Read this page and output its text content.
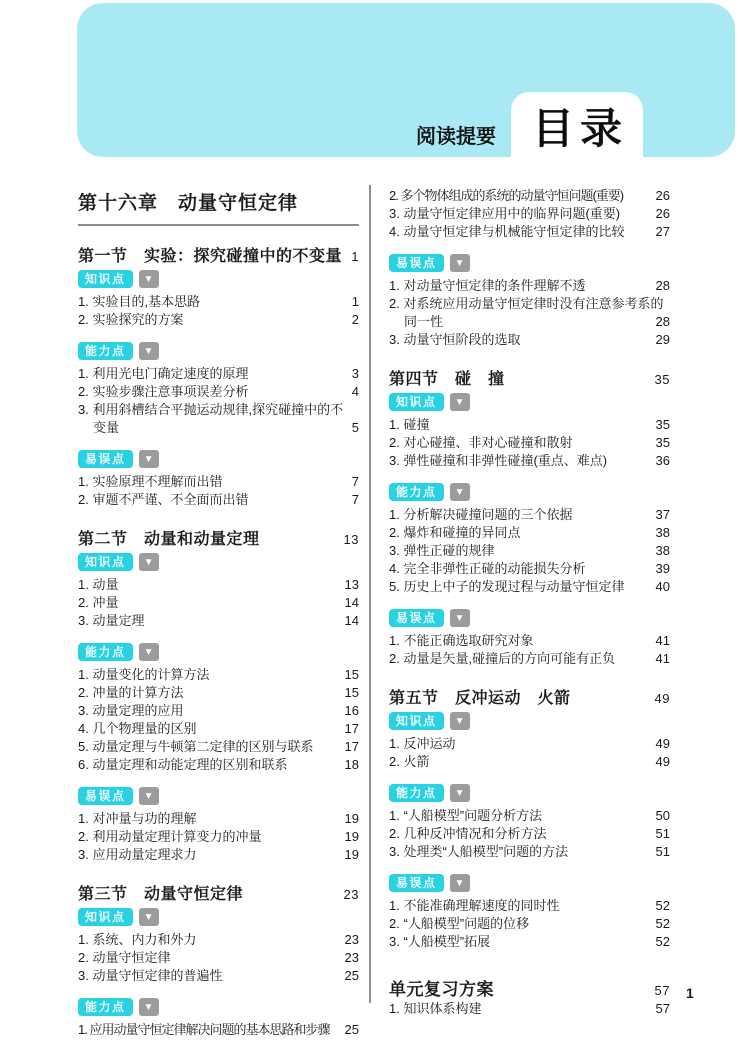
阅读提要 目录
第十六章　动量守恒定律
第一节　实验：探究碰撞中的不变量 1
知识点	▼
1. 实验目的,基本思路	1
2. 实验探究的方案	2
能力点	▼
1. 利用光电门确定速度的原理	3
2. 实验步骤注意事项误差分析	4
3. 利用斜槽结合平抛运动规律,探究碰撞中的不
变量	5
易误点	▼
1. 实验原理不理解而出错	7
2. 审题不严谨、不全面而出错	7
第二节　动量和动量定理	13
知识点	▼
1. 动量	13
2. 冲量	14
3. 动量定理	14
能力点	▼
1. 动量变化的计算方法	15
2. 冲量的计算方法	15
3. 动量定理的应用	16
4. 几个物理量的区别	17
5. 动量定理与牛顿第二定律的区别与联系	17
6. 动量定理和动能定理的区别和联系	18
易误点	▼
1. 对冲量与功的理解	19
2. 利用动量定理计算变力的冲量	19
3. 应用动量定理求力	19
第三节　动量守恒定律	23
知识点	▼
1. 系统、内力和外力	23
2. 动量守恒定律	23
3. 动量守恒定律的普遍性	25
能力点	▼
1. 应用动量守恒定律解决问题的基本思路和步骤	25
2. 多个物体组成的系统的动量守恒问题(重要)	26
3. 动量守恒定律应用中的临界问题(重要)	26
4. 动量守恒定律与机械能守恒定律的比较	27
易误点	▼
1. 对动量守恒定律的条件理解不透	28
2. 对系统应用动量守恒定律时没有注意参考系的
同一性	28
3. 动量守恒阶段的选取	29
第四节　碰　撞	35
知识点	▼
1. 碰撞	35
2. 对心碰撞、非对心碰撞和散射	35
3. 弹性碰撞和非弹性碰撞(重点、难点)	36
能力点	▼
1. 分析解决碰撞问题的三个依据	37
2. 爆炸和碰撞的异同点	38
3. 弹性正碰的规律	38
4. 完全非弹性正碰的动能损失分析	39
5. 历史上中子的发现过程与动量守恒定律	40
易误点	▼
1. 不能正确选取研究对象	41
2. 动量是矢量,碰撞后的方向可能有正负	41
第五节　反冲运动　火箭	49
知识点	▼
1. 反冲运动	49
2. 火箭	49
能力点	▼
1. “人船模型”问题分析方法	50
2. 几种反冲情况和分析方法	51
3. 处理类“人船模型”问题的方法	51
易误点	▼
1. 不能准确理解速度的同时性	52
2. “人船模型”问题的位移	52
3. “人船模型”拓展	52
单元复习方案	57
1. 知识体系构建	57
1
